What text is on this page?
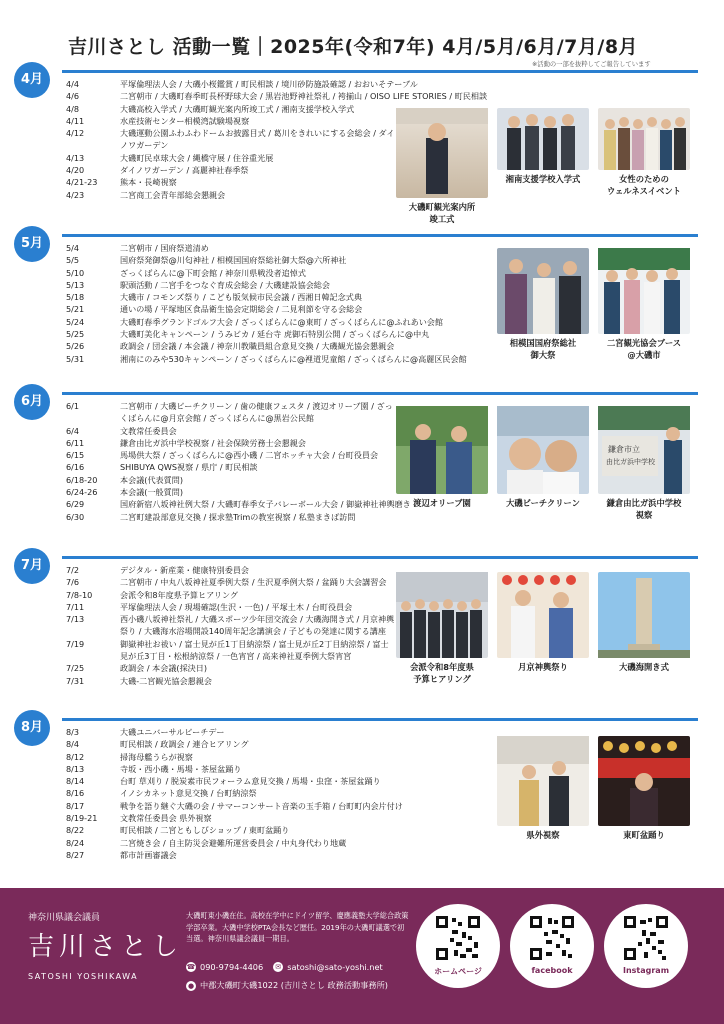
吉川さとし 活動一覧｜2025年(令和7年) 4月/5月/6月/7月/8月
※活動の一部を抜粋してご報告しています
4月	4/4	平塚倫理法人会 / 大磯小桜鑑賞 / 町民相談 / 境川砂防施設確認 / おおいそテーブル
4/6	二宮朝市 / 大磯町春季町長杯野球大会 / 黒岩池野神社祭礼 / 袴揃山 / OISO LIFE STORIES / 町民相談
4/8	大磯高校入学式 / 大磯町観光案内所竣工式 / 湘南支援学校入学式
4/11	水産技術センター相模湾試験場視察
4/12	大磯運動公園ふわふわドームお披露目式 / 葛川をきれいにする会総会 / ダイノワガーデン
4/13	大磯町民卓球大会 / 縄橋守展 / 住谷重光展
4/20	ダイノワガーデン / 高麗神社春季祭
4/21-23	熊本・長崎視察
4/23	二宮商工会青年部総会懇親会
大磯町観光案内所
竣工式
湘南支援学校入学式	女性のための
ウェルネスイベント
5月	5/4	二宮朝市 / 国府祭道清め
5/5	国府祭発御祭@川匂神社 / 相模国国府祭総社御大祭@六所神社
5/10	ざっくばらんに@下町会館 / 神奈川県戦没者追悼式
5/13	駅頭活動 / 二宮手をつなぐ育成会総会 / 大磯建設協会総会
5/18	大磯市 / コモンズ祭り / こども版気候市民会議 / 西湘日韓記念式典
5/21	通いの場 / 平塚地区食品衛生協会定期総会 / 二見利節を守る会総会
5/24	大磯町春季グランドゴルフ大会 / ざっくばらんに@東町 / ざっくばらんに@ふれあい会館
5/25	大磯町美化キャンペーン / うみビカ / 延台寺 虎御石特別公開 / ざっくばらんに@中丸
5/26	政調会 / 団会議 / 本会議 / 神奈川教職員組合意見交換 / 大磯観光協会懇親会
5/31	湘南にのみや530キャンペーン / ざっくばらんに@裡道児童館 / ざっくばらんに@高麗区民会館
相模国国府祭総社
御大祭
二宮観光協会ブース
@大磯市
6月	6/1	二宮朝市 / 大磯ビーチクリーン / 歯の健康フェスタ / 渡辺オリーブ園 / ざっくばらんに@月京会館 / ざっくばらんに@黒岩公民館
6/4	文教常任委員会
6/11	鎌倉由比ガ浜中学校視察 / 社会保険労務士会懇親会
6/15	馬場供大祭 / ざっくばらんに@西小磯 / 二宮ホッチャ大会 / 台町役員会
6/16	SHIBUYA QWS視察 / 県庁 / 町民相談
6/18-20	本会議(代表質問)
6/24-26	本会議(一般質問)
6/29	国府新宿八坂神社例大祭 / 大磯町春季女子バレーボール大会 / 御嶽神社神輿磨き
6/30	二宮町建設部意見交換 / 探求塾Trimの教室視察 / 私塾まきば訪問
渡辺オリーブ園	大磯ビーチクリーン
鎌倉市立
由比ガ浜中学校
鎌倉由比ガ浜中学校
視察
7月	7/2	デジタル・新産業・健康特別委員会
7/6	二宮朝市 / 中丸八坂神社夏季例大祭 / 生沢夏季例大祭 / 盆踊り大会講習会
7/8-10	会派令和8年度県予算ヒアリング
7/11	平塚倫理法人会 / 現場確認(生沢・一色) / 平塚土木 / 台町役員会
7/13	西小磯八坂神社祭礼 / 大磯スポーツ少年団交流会 / 大磯海開き式 / 月京神輿祭り / 大磯海水浴場開設140周年記念講演会 / 子どもの発達に関する講座
7/19	御嶽神社お祓い / 富士見が丘1丁目納涼祭 / 富士見が丘2丁目納涼祭 / 富士見が丘3丁目・松根納涼祭 / 一色宵宮 / 高来神社夏季例大祭宵宮
7/25	政調会 / 本会議(採決日)
7/31	大磯-二宮観光協会懇親会
会派令和8年度県
予算ヒアリング
月京神輿祭り	大磯海開き式
8月	8/3	大磯ユニバーサルビーチデー
8/4	町民相談 / 政調会 / 連合ヒアリング
8/12	掃海母艦うらが視察
8/13	寺坂・西小磯・馬場・茶屋盆踊り
8/14	台町 草刈り / 脱炭素市民フォーラム意見交換 / 馬場・虫窪・茶屋盆踊り
8/16	イノシカネット意見交換 / 台町納涼祭
8/17	戦争を語り継ぐ大磯の会 / サマーコンサート音楽の玉手箱 / 台町町内会片付け
8/19-21	文教常任委員会 県外視察
8/22	町民相談 / 二宮ともしびショップ / 東町盆踊り
8/24	二宮焼き会 / 自主防災会避難所運営委員会 / 中丸身代わり地蔵
8/27	都市計画審議会
県外視察	東町盆踊り
神奈川県議会議員
吉川さとし
SATOSHI YOSHIKAWA
大磯町東小磯在住。高校在学中にドイツ留学、慶應義塾大学総合政策学部卒業。大磯中学校PTA会長など歴任。2019年の大磯町議選で初当選。神奈川県議会議員一期目。
☎ 090-9794-4406 ✉ satoshi@sato-yoshi.net
● 中郡大磯町大磯1022 (吉川さとし 政務活動事務所)
ホームページ	facebook	Instagram
